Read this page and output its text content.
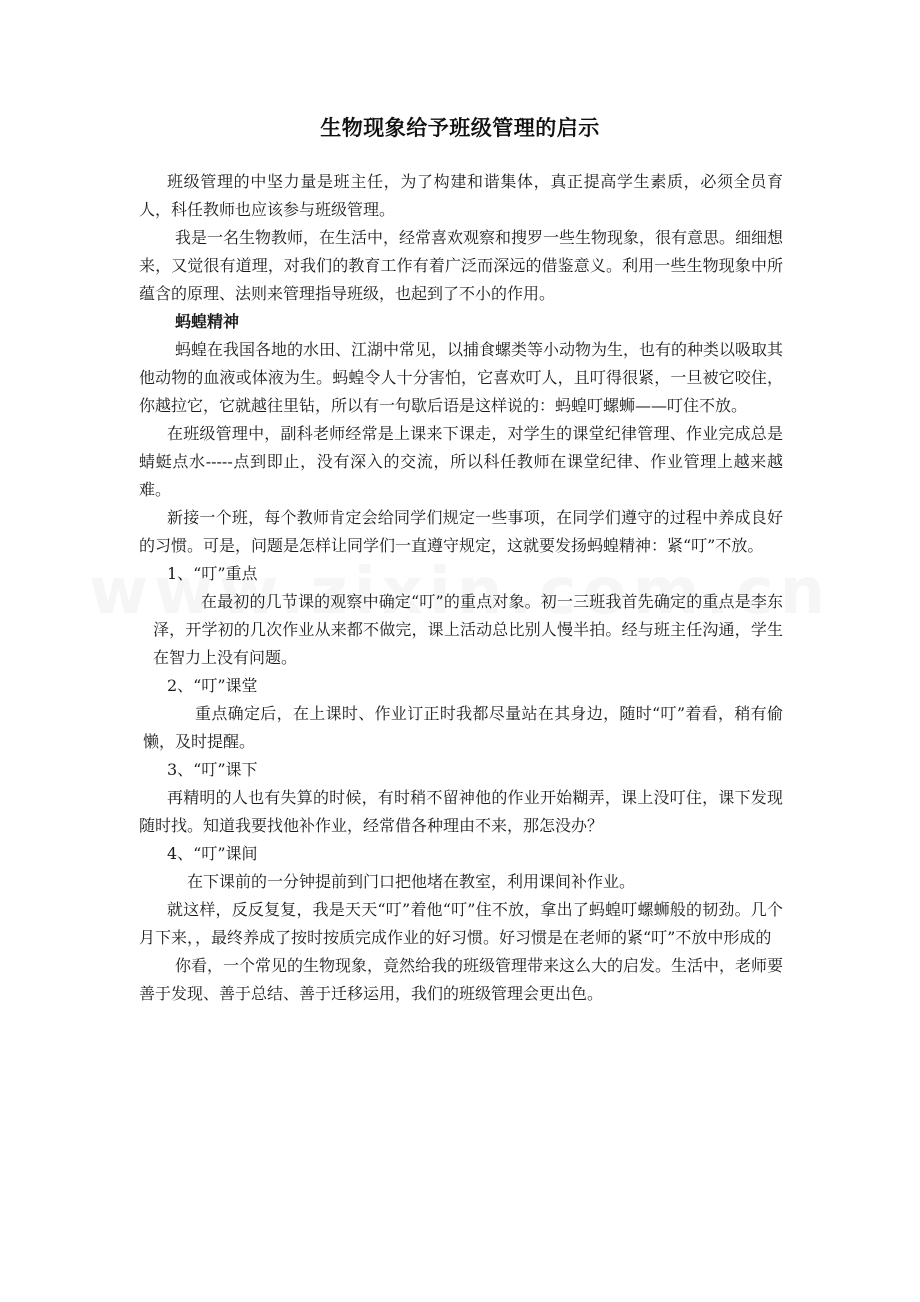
生物现象给予班级管理的启示

班级管理的中坚力量是班主任，为了构建和谐集体，真正提高学生素质，必须全员育人，科任教师也应该参与班级管理。

我是一名生物教师，在生活中，经常喜欢观察和搜罗一些生物现象，很有意思。细细想来，又觉很有道理，对我们的教育工作有着广泛而深远的借鉴意义。利用一些生物现象中所蕴含的原理、法则来管理指导班级，也起到了不小的作用。

蚂蝗精神

蚂蝗在我国各地的水田、江湖中常见，以捕食螺类等小动物为生，也有的种类以吸取其他动物的血液或体液为生。蚂蝗令人十分害怕，它喜欢叮人，且叮得很紧，一旦被它咬住，你越拉它，它就越往里钻，所以有一句歇后语是这样说的：蚂蝗叮螺蛳——叮住不放。

在班级管理中，副科老师经常是上课来下课走，对学生的课堂纪律管理、作业完成总是蜻蜓点水-----点到即止，没有深入的交流，所以科任教师在课堂纪律、作业管理上越来越难。

新接一个班，每个教师肯定会给同学们规定一些事项，在同学们遵守的过程中养成良好的习惯。可是，问题是怎样让同学们一直遵守规定，这就要发扬蚂蝗精神：紧“叮”不放。

1、“叮”重点

在最初的几节课的观察中确定“叮”的重点对象。初一三班我首先确定的重点是李东泽，开学初的几次作业从来都不做完，课上活动总比别人慢半拍。经与班主任沟通，学生在智力上没有问题。

2、“叮”课堂

重点确定后，在上课时、作业订正时我都尽量站在其身边，随时“叮”着看，稍有偷懒，及时提醒。

3、“叮”课下

再精明的人也有失算的时候，有时稍不留神他的作业开始糊弄，课上没叮住，课下发现随时找。知道我要找他补作业，经常借各种理由不来，那怎没办？

4、“叮”课间

在下课前的一分钟提前到门口把他堵在教室，利用课间补作业。

就这样，反反复复，我是天天“叮”着他“叮”住不放，拿出了蚂蝗叮螺蛳般的韧劲。几个月下来，，最终养成了按时按质完成作业的好习惯。好习惯是在老师的紧“叮”不放中形成的

你看，一个常见的生物现象，竟然给我的班级管理带来这么大的启发。生活中，老师要善于发现、善于总结、善于迁移运用，我们的班级管理会更出色。
